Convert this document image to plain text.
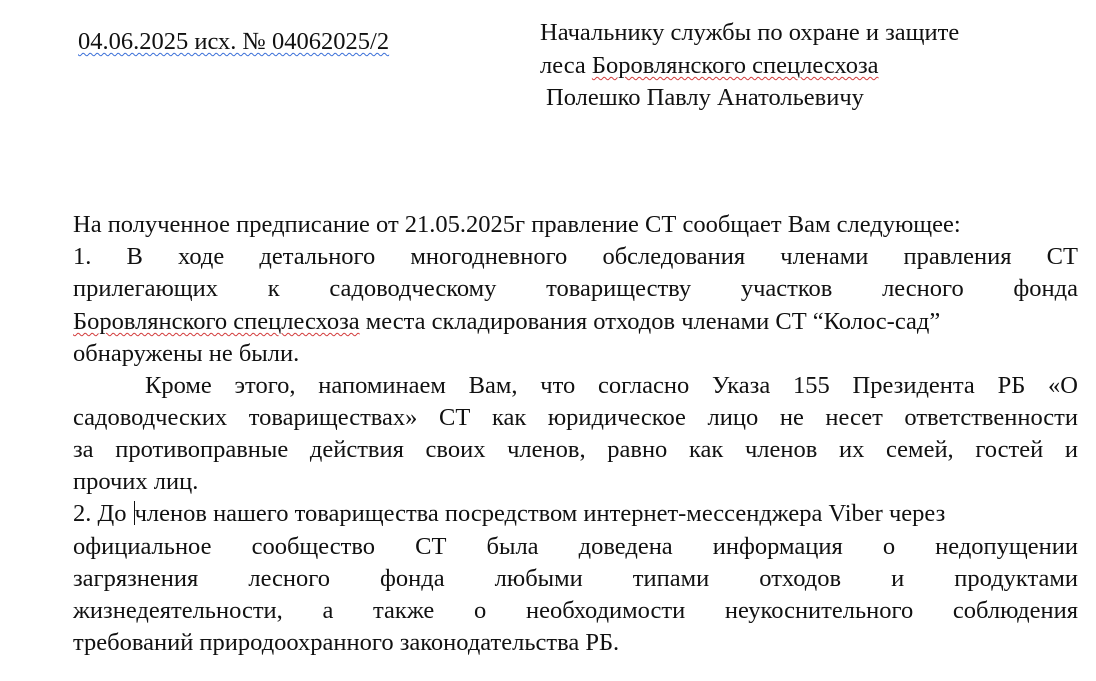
04.06.2025 исх. № 04062025/2	Начальнику службы по охране и защите
леса Боровлянского спецлесхоза
Полешко Павлу Анатольевичу
На полученное предписание от 21.05.2025г правление СТ сообщает Вам следующее:
1. В ходе детального многодневного обследования членами правления СТ
прилегающих к садоводческому товариществу участков лесного фонда
Боровлянского спецлесхоза места складирования отходов членами СТ “Колос-сад”
обнаружены не были.
Кроме этого, напоминаем Вам, что согласно Указа 155 Президента РБ «О
садоводческих товариществах» СТ как юридическое лицо не несет ответственности
за противоправные действия своих членов, равно как членов их семей, гостей и
прочих лиц.
2. До членов нашего товарищества посредством интернет-мессенджера Viber через
официальное сообщество СТ была доведена информация о недопущении
загрязнения лесного фонда любыми типами отходов и продуктами
жизнедеятельности, а также о необходимости неукоснительного соблюдения
требований природоохранного законодательства РБ.
